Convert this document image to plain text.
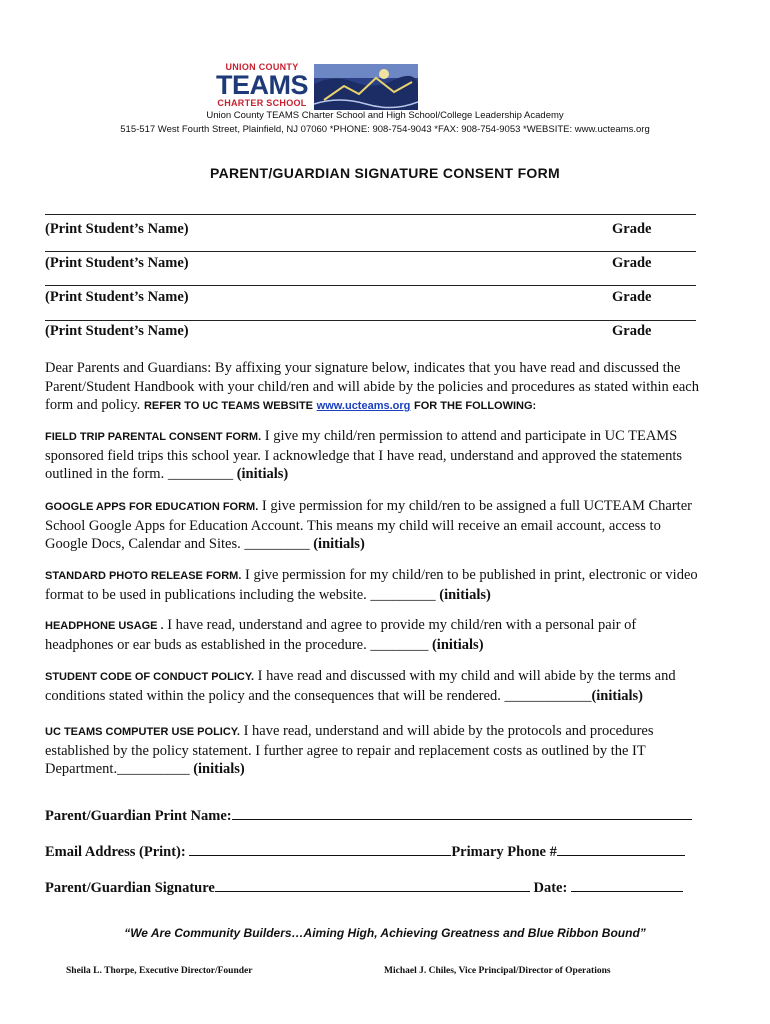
UNION COUNTY
TEAMS
CHARTER SCHOOL
Union County TEAMS Charter School and High School/College Leadership Academy
515-517 West Fourth Street, Plainfield, NJ 07060 *PHONE: 908-754-9043 *FAX: 908-754-9053 *WEBSITE: www.ucteams.org
PARENT/GUARDIAN SIGNATURE CONSENT FORM
(Print Student’s Name)	Grade
(Print Student’s Name)	Grade
(Print Student’s Name)	Grade
(Print Student’s Name)	Grade
Dear Parents and Guardians: By affixing your signature below, indicates that you have read and discussed the Parent/Student Handbook with your child/ren and will abide by the policies and procedures as stated within each form and policy. REFER TO UC TEAMS WEBSITE www.ucteams.org FOR THE FOLLOWING:
FIELD TRIP PARENTAL CONSENT FORM. I give my child/ren permission to attend and participate in UC TEAMS sponsored field trips this school year. I acknowledge that I have read, understand and approved the statements outlined in the form. _________ (initials)
GOOGLE APPS FOR EDUCATION FORM. I give permission for my child/ren to be assigned a full UCTEAM Charter School Google Apps for Education Account. This means my child will receive an email account, access to Google Docs, Calendar and Sites. _________ (initials)
STANDARD PHOTO RELEASE FORM. I give permission for my child/ren to be published in print, electronic or video format to be used in publications including the website. _________ (initials)
HEADPHONE USAGE . I have read, understand and agree to provide my child/ren with a personal pair of headphones or ear buds as established in the procedure. ________ (initials)
STUDENT CODE OF CONDUCT POLICY. I have read and discussed with my child and will abide by the terms and conditions stated within the policy and the consequences that will be rendered. ____________(initials)
UC TEAMS COMPUTER USE POLICY. I have read, understand and will abide by the protocols and procedures established by the policy statement. I further agree to repair and replacement costs as outlined by the IT Department.__________ (initials)
Parent/Guardian Print Name:
Email Address (Print):	Primary Phone #
Parent/Guardian Signature	Date:
“We Are Community Builders…Aiming High, Achieving Greatness and Blue Ribbon Bound”
Sheila L. Thorpe, Executive Director/Founder	Michael J. Chiles, Vice Principal/Director of Operations
